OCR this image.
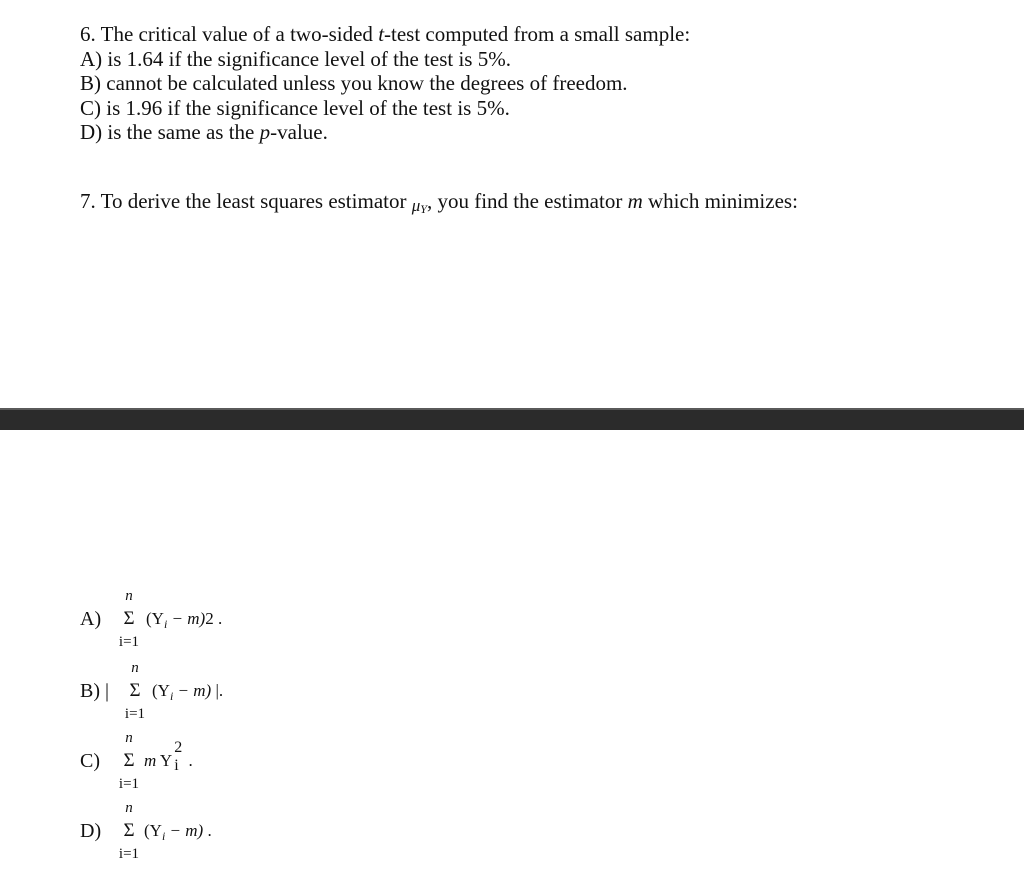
6. The critical value of a two-sided t-test computed from a small sample:
A) is 1.64 if the significance level of the test is 5%.
B) cannot be calculated unless you know the degrees of freedom.
C) is 1.96 if the significance level of the test is 5%.
D) is the same as the p-value.
7. To derive the least squares estimator $\mu_Y$, you find the estimator m which minimizes:
A)
n
Σ
i=1
$(Y_i - m)2$ .
B) |
n
Σ
i=1
$(Y_i - m)$ |.
C)
n
Σ
i=1
m Y
2
i .
D)
n
Σ
i=1
$(Y_i - m)$ .
